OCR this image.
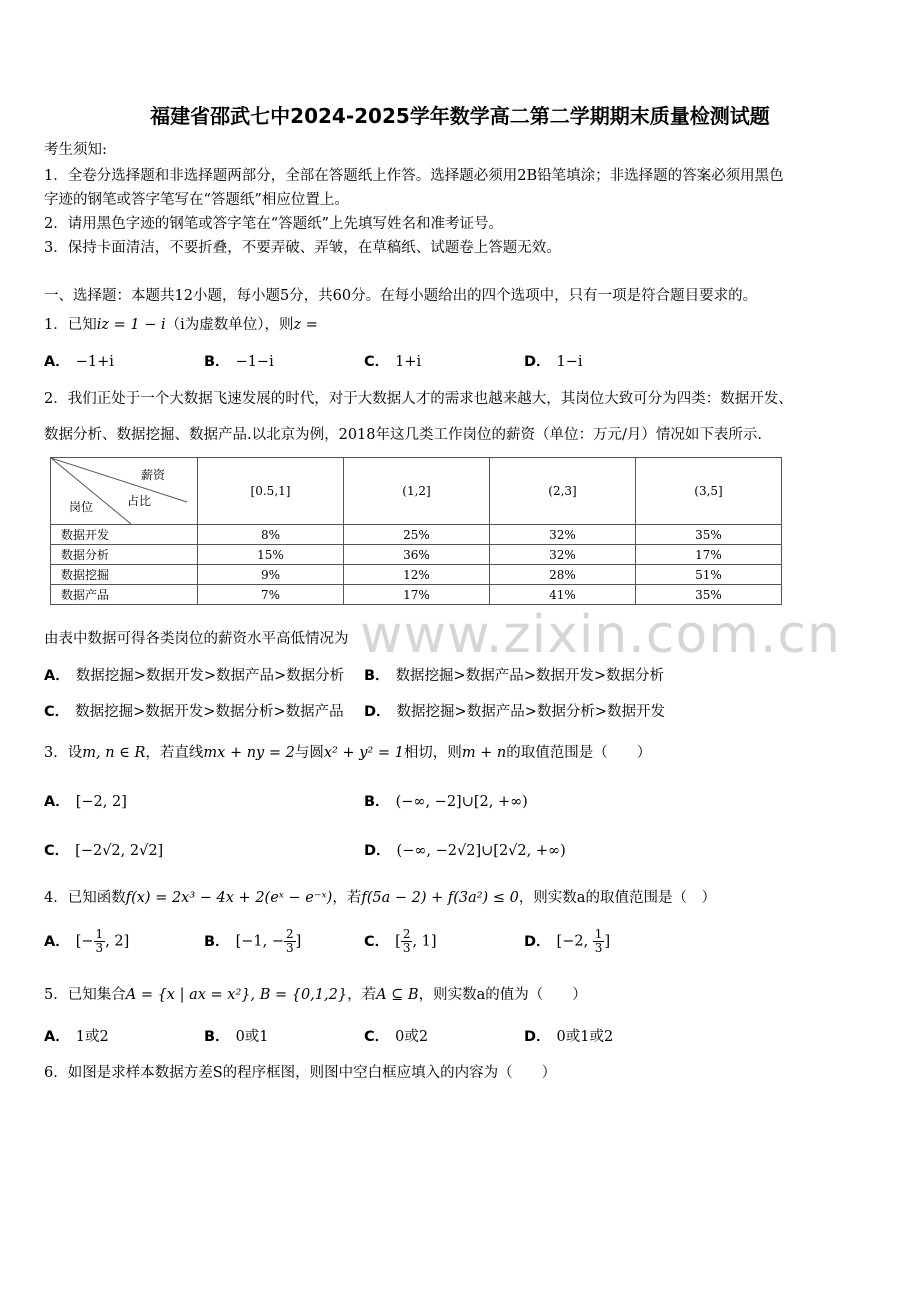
福建省邵武七中2024-2025学年数学高二第二学期期末质量检测试题
考生须知:
1．全卷分选择题和非选择题两部分，全部在答题纸上作答。选择题必须用2B铅笔填涂；非选择题的答案必须用黑色
字迹的钢笔或答字笔写在“答题纸”相应位置上。
2．请用黑色字迹的钢笔或答字笔在“答题纸”上先填写姓名和准考证号。
3．保持卡面清洁，不要折叠，不要弄破、弄皱，在草稿纸、试题卷上答题无效。
一、选择题：本题共12小题，每小题5分，共60分。在每小题给出的四个选项中，只有一项是符合题目要求的。
1．已知iz = 1 − i（i为虚数单位），则z =
A． −1+i	B． −1−i	C． 1+i	D． 1−i
2．我们正处于一个大数据飞速发展的时代，对于大数据人才的需求也越来越大，其岗位大致可分为四类：数据开发、
数据分析、数据挖掘、数据产品.以北京为例，2018年这几类工作岗位的薪资（单位：万元/月）情况如下表所示.
薪资
占比
岗位	[0.5,1]	(1,2]	(2,3]	(3,5]
数据开发	8%	25%	32%	35%
数据分析	15%	36%	32%	17%
数据挖掘	9%	12%	28%	51%
数据产品	7%	17%	41%	35%
www.zixin.com.cn
由表中数据可得各类岗位的薪资水平高低情况为
A． 数据挖掘>数据开发>数据产品>数据分析 B． 数据挖掘>数据产品>数据开发>数据分析
C． 数据挖掘>数据开发>数据分析>数据产品 D． 数据挖掘>数据产品>数据分析>数据开发
3．设m, n ∈ R，若直线mx + ny = 2与圆x² + y² = 1相切，则m + n的取值范围是（　　）
A． [−2, 2]	B． (−∞, −2]∪[2, +∞)
C． [−2√2, 2√2]	D． (−∞, −2√2]∪[2√2, +∞)
4．已知函数f(x) = 2x³ − 4x + 2(eˣ − e⁻ˣ)，若f(5a − 2) + f(3a²) ≤ 0，则实数a的取值范围是（　）
A． [− $\frac{1}{3}$ , 2]	B． [−1, − $\frac{2}{3}$ ]	C． [ $\frac{2}{3}$ , 1]	D． [−2, $\frac{1}{3}$ ]
5．已知集合A = {x | ax = x²}, B = {0,1,2}，若A ⊆ B，则实数a的值为（　　）
A． 1或2	B． 0或1	C． 0或2	D． 0或1或2
6．如图是求样本数据方差S的程序框图，则图中空白框应填入的内容为（　　）
